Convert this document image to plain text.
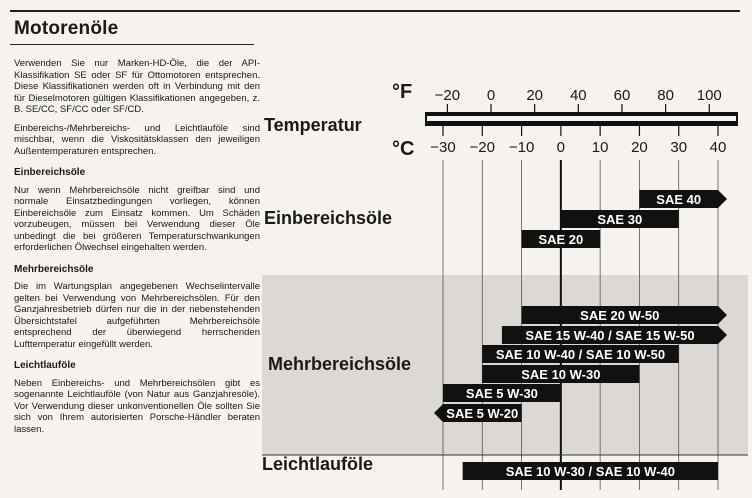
Motorenöle

Verwenden Sie nur Marken-HD-Öle, die der API-Klassifikation SE oder SF für Ottomotoren entsprechen. Diese Klassifikationen werden oft in Verbindung mit den für Dieselmotoren gültigen Klassifikationen angegeben, z. B. SE/CC, SF/CC oder SF/CD.

Einbereichs-/Mehrbereichs- und Leichtlauföle sind mischbar, wenn die Viskositätsklassen den jeweiligen Außentemperaturen entsprechen.

Einbereichsöle

Nur wenn Mehrbereichsöle nicht greifbar sind und normale Einsatzbedingungen vorliegen, können Einbereichsöle zum Einsatz kommen. Um Schäden vorzubeugen, müssen bei Verwendung dieser Öle unbedingt die bei größeren Temperaturschwankungen erforderlichen Ölwechsel eingehalten werden.

Mehrbereichsöle

Die im Wartungsplan angegebenen Wechselintervalle gelten bei Verwendung von Mehrbereichsölen. Für den Ganzjahresbetrieb dürfen nur die in der nebenstehenden Übersichtstafel aufgeführten Mehrbereichsöle entsprechend der überwiegend herrschenden Lufttemperatur eingefüllt werden.

Leichtlauföle

Neben Einbereichs- und Mehrbereichsölen gibt es sogenannte Leichtlauföle (von Natur aus Ganzjahresöle). Vor Verwendung dieser unkonventionellen Öle sollten Sie sich von Ihrem autorisierten Porsche-Händler beraten lassen.

Temperatur
Einbereichsöle
Mehrbereichsöle
Leichtlauföle
°F
°C
−20 0 20 40 60 80 100
−30 −20 −10 0 10 20 30 40
SAE 40
SAE 30
SAE 20
SAE 20 W-50
SAE 15 W-40 / SAE 15 W-50
SAE 10 W-40 / SAE 10 W-50
SAE 10 W-30
SAE 5 W-30
SAE 5 W-20
SAE 10 W-30 / SAE 10 W-40
